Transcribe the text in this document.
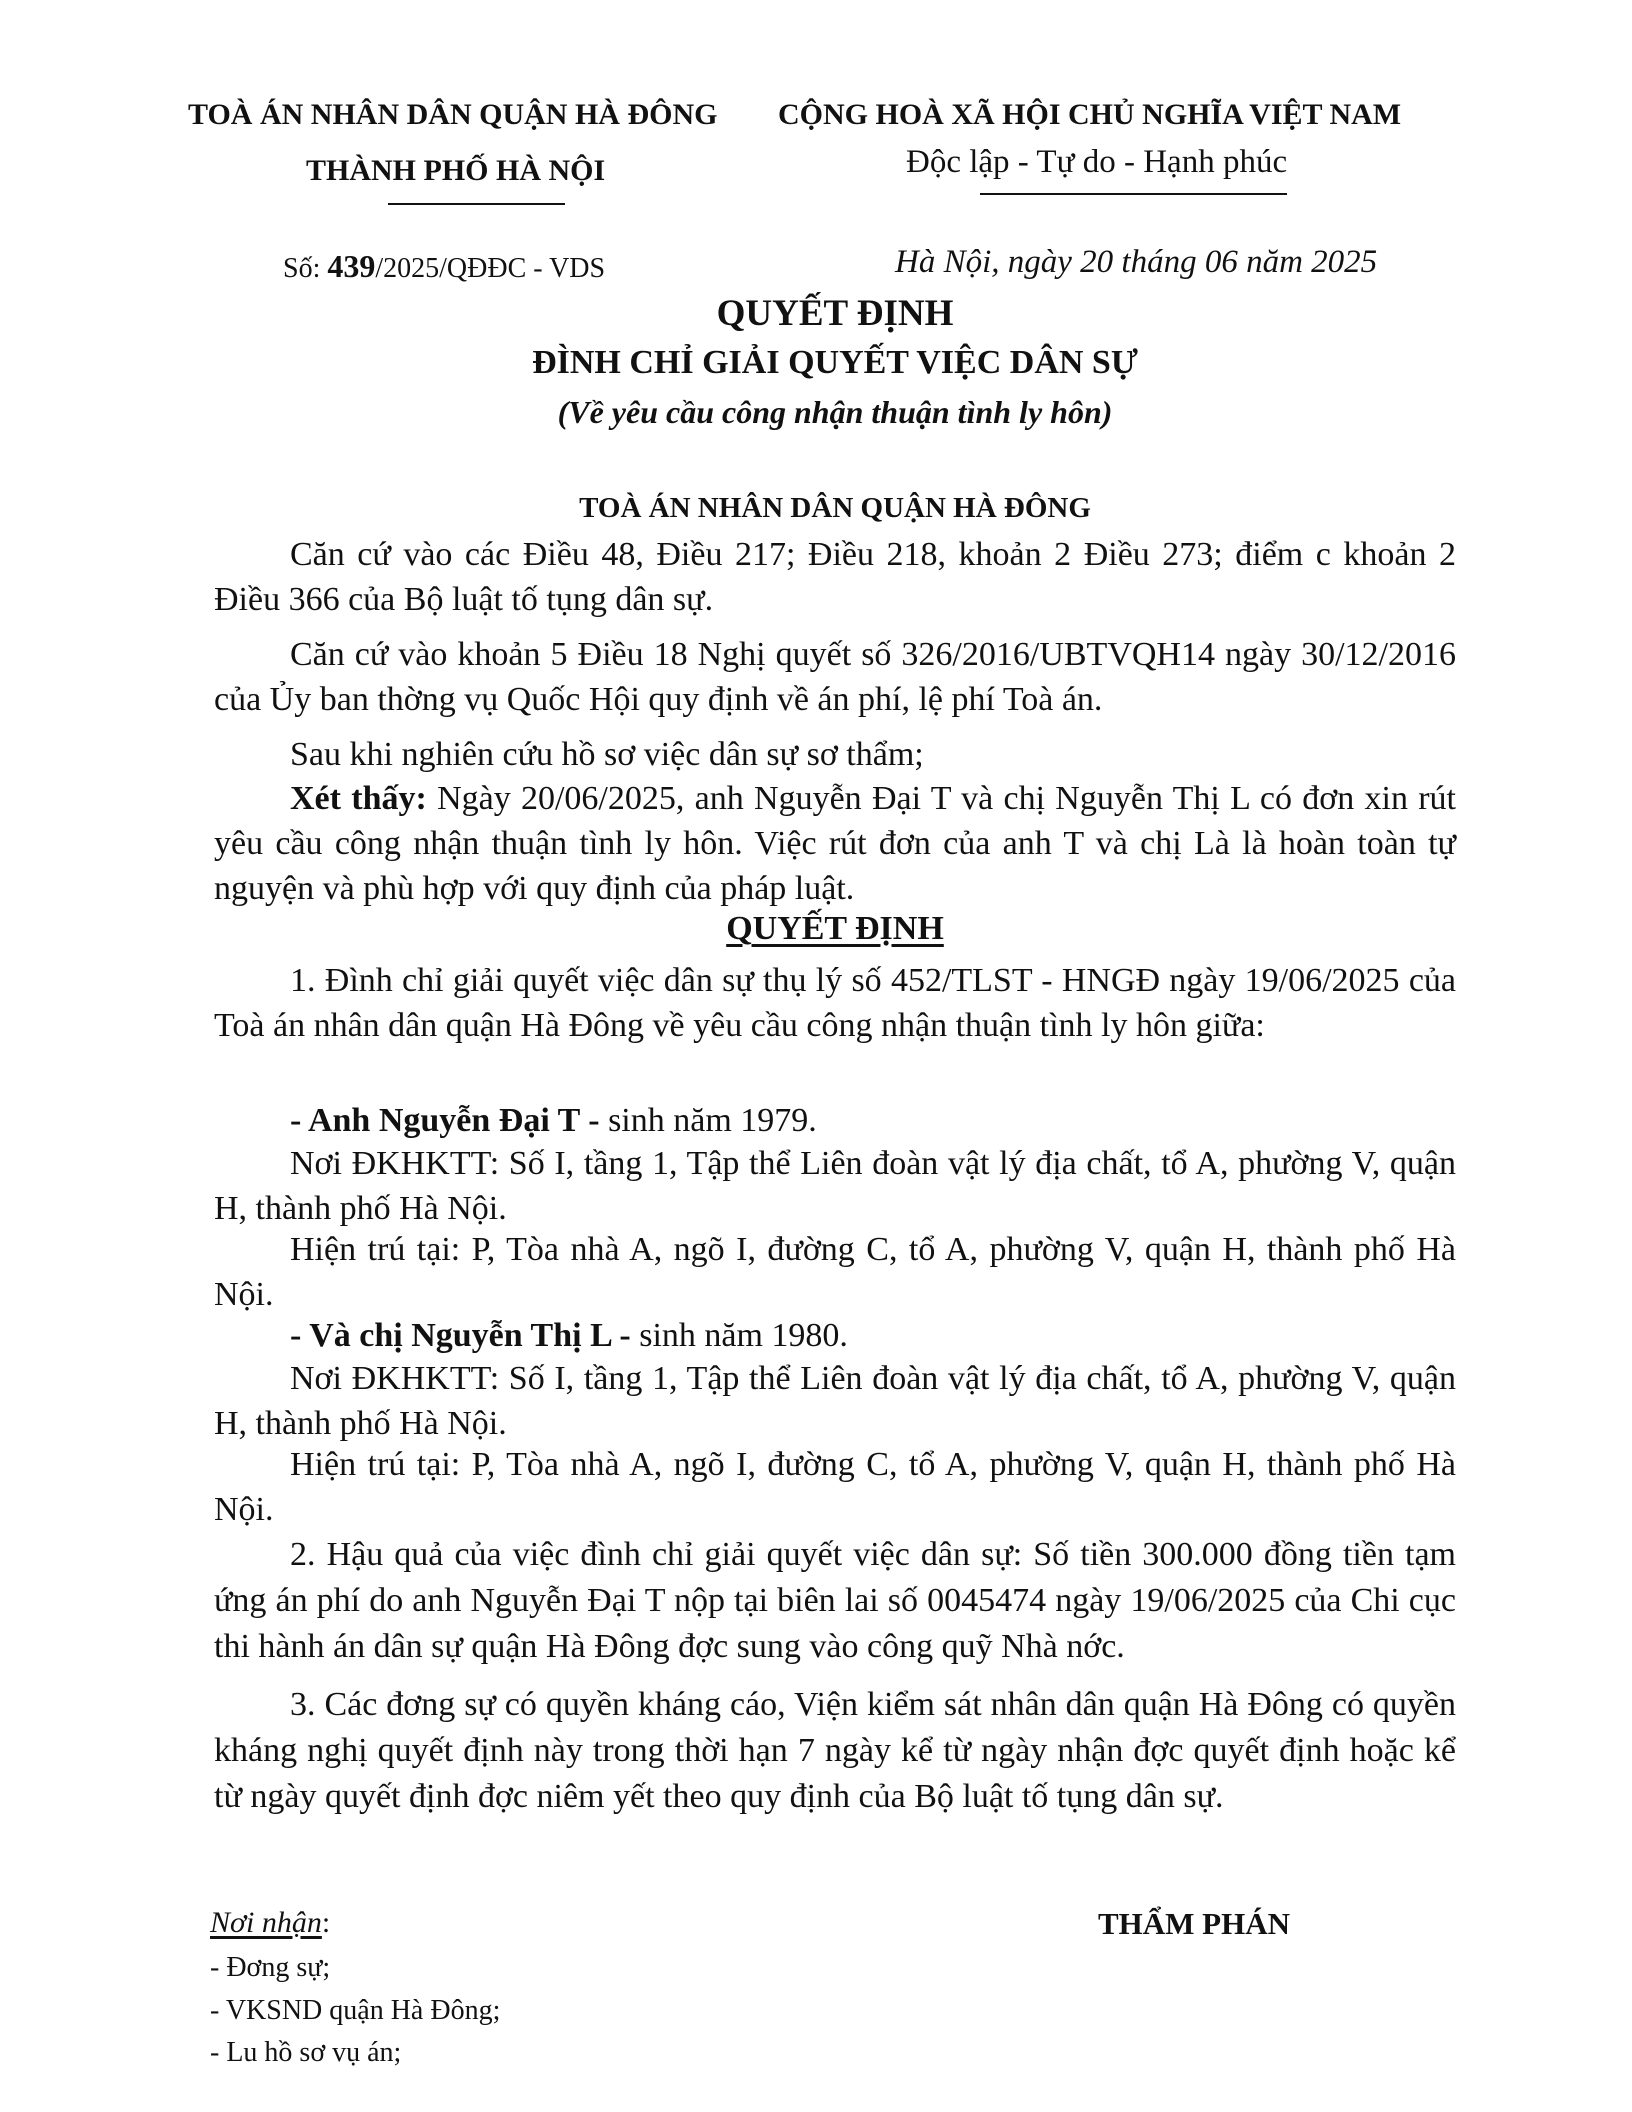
TOÀ ÁN NHÂN DÂN QUẬN HÀ ĐÔNG
THÀNH PHỐ HÀ NỘI
CỘNG HOÀ XÃ HỘI CHỦ NGHĨA VIỆT NAM
Độc lập - Tự do - Hạnh phúc
Số: 439/2025/QĐĐC - VDS	Hà Nội, ngày 20 tháng 06 năm 2025
QUYẾT ĐỊNH
ĐÌNH CHỈ GIẢI QUYẾT VIỆC DÂN SỰ
(Về yêu cầu công nhận thuận tình ly hôn)
TOÀ ÁN NHÂN DÂN QUẬN HÀ ĐÔNG

Căn cứ vào các Điều 48, Điều 217; Điều 218, khoản 2 Điều 273; điểm c khoản 2 Điều 366 của Bộ luật tố tụng dân sự.

Căn cứ vào khoản 5 Điều 18 Nghị quyết số 326/2016/UBTVQH14 ngày 30/12/2016 của Ủy ban thờng vụ Quốc Hội quy định về án phí, lệ phí Toà án.

Sau khi nghiên cứu hồ sơ việc dân sự sơ thẩm;

Xét thấy: Ngày 20/06/2025, anh Nguyễn Đại T và chị Nguyễn Thị L có đơn xin rút yêu cầu công nhận thuận tình ly hôn. Việc rút đơn của anh T và chị Là là hoàn toàn tự nguyện và phù hợp với quy định của pháp luật.

QUYẾT ĐỊNH

1. Đình chỉ giải quyết việc dân sự thụ lý số 452/TLST - HNGĐ ngày 19/06/2025 của Toà án nhân dân quận Hà Đông về yêu cầu công nhận thuận tình ly hôn giữa:

- Anh Nguyễn Đại T - sinh năm 1979.

Nơi ĐKHKTT: Số I, tầng 1, Tập thể Liên đoàn vật lý địa chất, tổ A, phường V, quận H, thành phố Hà Nội.

Hiện trú tại: P, Tòa nhà A, ngõ I, đường C, tổ A, phường V, quận H, thành phố Hà Nội.

- Và chị Nguyễn Thị L - sinh năm 1980.

Nơi ĐKHKTT: Số I, tầng 1, Tập thể Liên đoàn vật lý địa chất, tổ A, phường V, quận H, thành phố Hà Nội.

Hiện trú tại: P, Tòa nhà A, ngõ I, đường C, tổ A, phường V, quận H, thành phố Hà Nội.

2. Hậu quả của việc đình chỉ giải quyết việc dân sự: Số tiền 300.000 đồng tiền tạm ứng án phí do anh Nguyễn Đại T nộp tại biên lai số 0045474 ngày 19/06/2025 của Chi cục thi hành án dân sự quận Hà Đông đợc sung vào công quỹ Nhà nớc.

3. Các đơng sự có quyền kháng cáo, Viện kiểm sát nhân dân quận Hà Đông có quyền kháng nghị quyết định này trong thời hạn 7 ngày kể từ ngày nhận đợc quyết định hoặc kể từ ngày quyết định đợc niêm yết theo quy định của Bộ luật tố tụng dân sự.

Nơi nhận:	THẨM PHÁN
- Đơng sự;
- VKSND quận Hà Đông;
- Lu hồ sơ vụ án;
